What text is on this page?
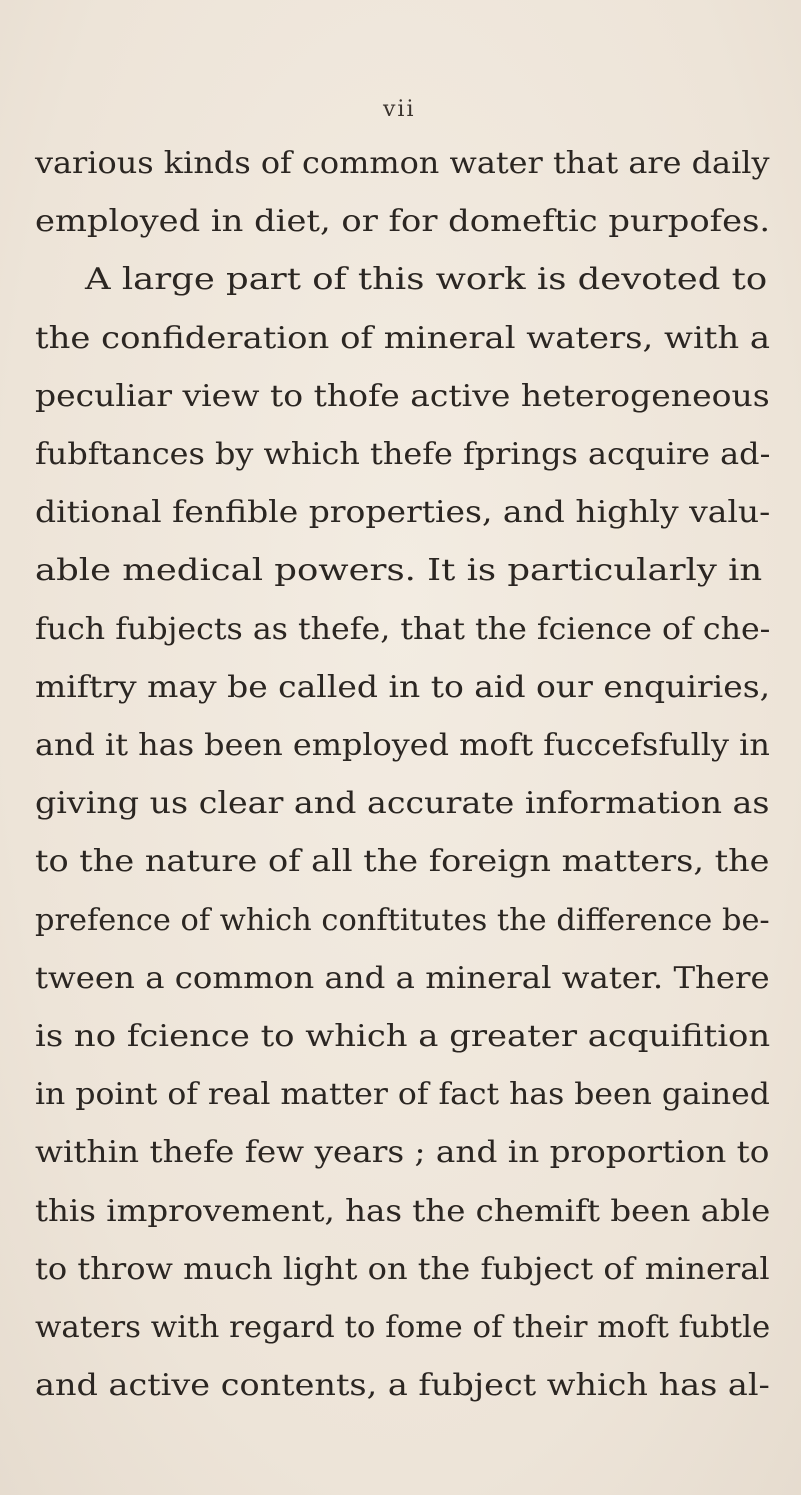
vii
various kinds of common water that are daily
employed in diet, or for domeftic purpofes.
A large part of this work is devoted to
the confideration of mineral waters, with a
peculiar view to thofe active heterogeneous
fubftances by which thefe fprings acquire ad-
ditional fenfible properties, and highly valu-
able medical powers. It is particularly in
fuch fubjects as thefe, that the fcience of che-
miftry may be called in to aid our enquiries,
and it has been employed moft fuccefsfully in
giving us clear and accurate information as
to the nature of all the foreign matters, the
prefence of which conftitutes the difference be-
tween a common and a mineral water. There
is no fcience to which a greater acquifition
in point of real matter of fact has been gained
within thefe few years ; and in proportion to
this improvement, has the chemift been able
to throw much light on the fubject of mineral
waters with regard to fome of their moft fubtle
and active contents, a fubject which has al-
